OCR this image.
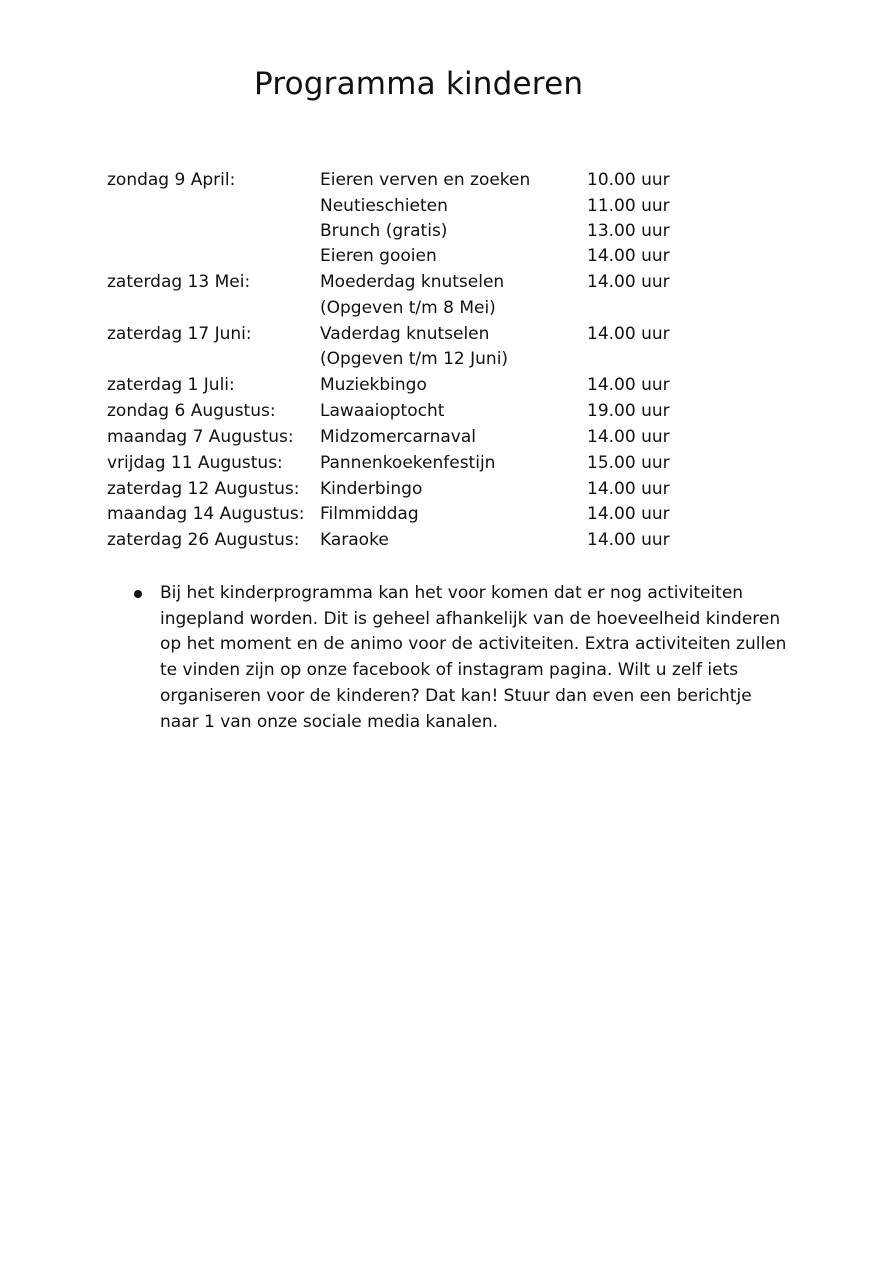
Programma kinderen
zondag 9 April:	Eieren verven en zoeken	10.00 uur
Neutieschieten	11.00 uur
Brunch (gratis)	13.00 uur
Eieren gooien	14.00 uur
zaterdag 13 Mei:	Moederdag knutselen	14.00 uur
(Opgeven t/m 8 Mei)
zaterdag 17 Juni:	Vaderdag knutselen	14.00 uur
(Opgeven t/m 12 Juni)
zaterdag 1 Juli:	Muziekbingo	14.00 uur
zondag 6 Augustus:	Lawaaioptocht	19.00 uur
maandag 7 Augustus: Midzomercarnaval	14.00 uur
vrijdag 11 Augustus: Pannenkoekenfestijn	15.00 uur
zaterdag 12 Augustus: Kinderbingo	14.00 uur
maandag 14 Augustus: Filmmiddag	14.00 uur
zaterdag 26 Augustus: Karaoke	14.00 uur
Bij het kinderprogramma kan het voor komen dat er nog activiteiten
ingepland worden. Dit is geheel afhankelijk van de hoeveelheid kinderen
op het moment en de animo voor de activiteiten. Extra activiteiten zullen
te vinden zijn op onze facebook of instagram pagina. Wilt u zelf iets
organiseren voor de kinderen? Dat kan! Stuur dan even een berichtje
naar 1 van onze sociale media kanalen.
